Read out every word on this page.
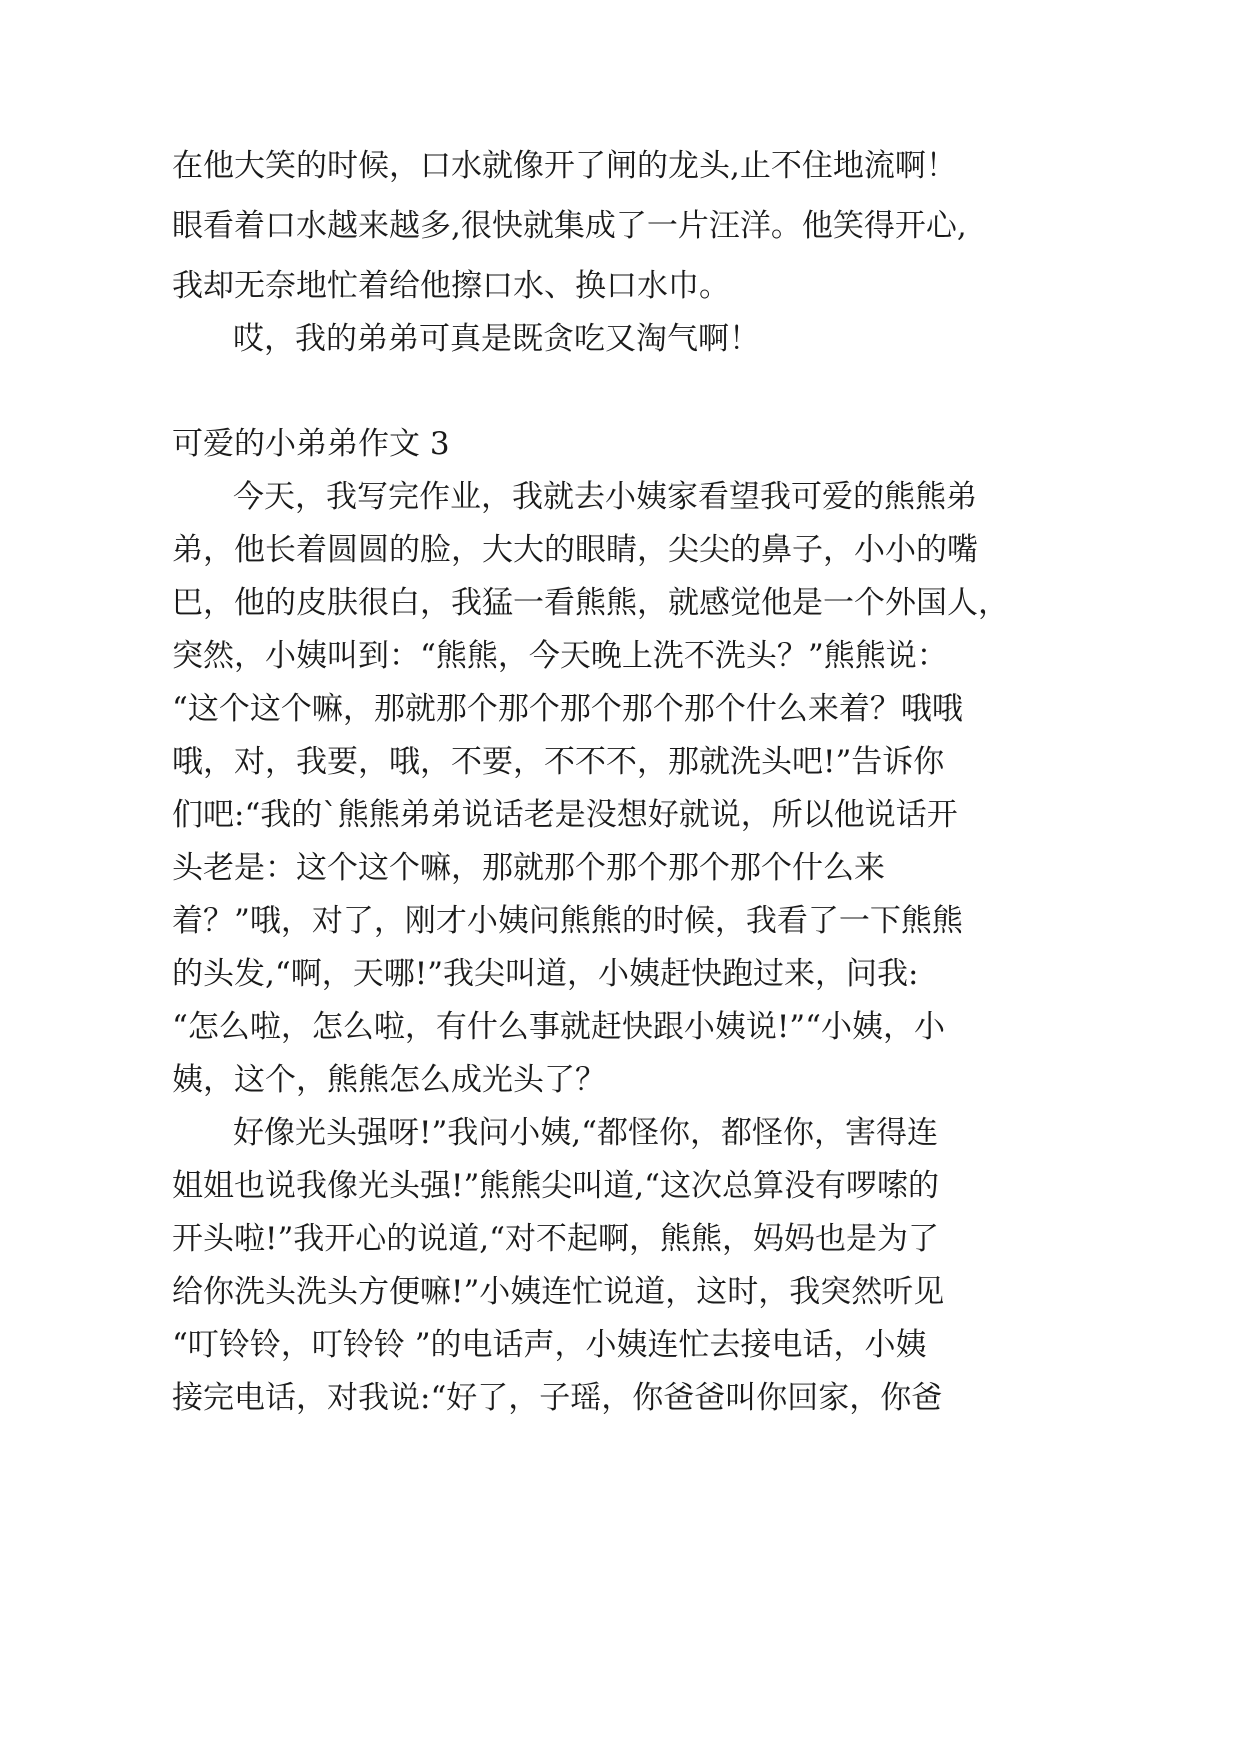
在他大笑的时候，口水就像开了闸的龙头,止不住地流啊！

眼看着口水越来越多,很快就集成了一片汪洋。他笑得开心,

我却无奈地忙着给他擦口水、换口水巾。

哎，我的弟弟可真是既贪吃又淘气啊！

可爱的小弟弟作文 3

今天，我写完作业，我就去小姨家看望我可爱的熊熊弟

弟，他长着圆圆的脸，大大的眼睛，尖尖的鼻子，小小的嘴

巴，他的皮肤很白，我猛一看熊熊，就感觉他是一个外国人，

突然，小姨叫到：“熊熊，今天晚上洗不洗头？”熊熊说：

“这个这个嘛，那就那个那个那个那个那个什么来着？哦哦

哦，对，我要，哦，不要，不不不，那就洗头吧!”告诉你

们吧:“我的`熊熊弟弟说话老是没想好就说，所以他说话开

头老是：这个这个嘛，那就那个那个那个那个什么来

着？”哦，对了，刚才小姨问熊熊的时候，我看了一下熊熊

的头发,“啊，天哪!”我尖叫道，小姨赶快跑过来，问我:

“怎么啦，怎么啦，有什么事就赶快跟小姨说!”“小姨，小

姨，这个，熊熊怎么成光头了？

好像光头强呀!”我问小姨,“都怪你，都怪你，害得连

姐姐也说我像光头强!”熊熊尖叫道,“这次总算没有啰嗦的

开头啦!”我开心的说道,“对不起啊，熊熊，妈妈也是为了

给你洗头洗头方便嘛!”小姨连忙说道，这时，我突然听见

“叮铃铃，叮铃铃 ”的电话声，小姨连忙去接电话，小姨

接完电话，对我说:“好了，子瑶，你爸爸叫你回家，你爸
